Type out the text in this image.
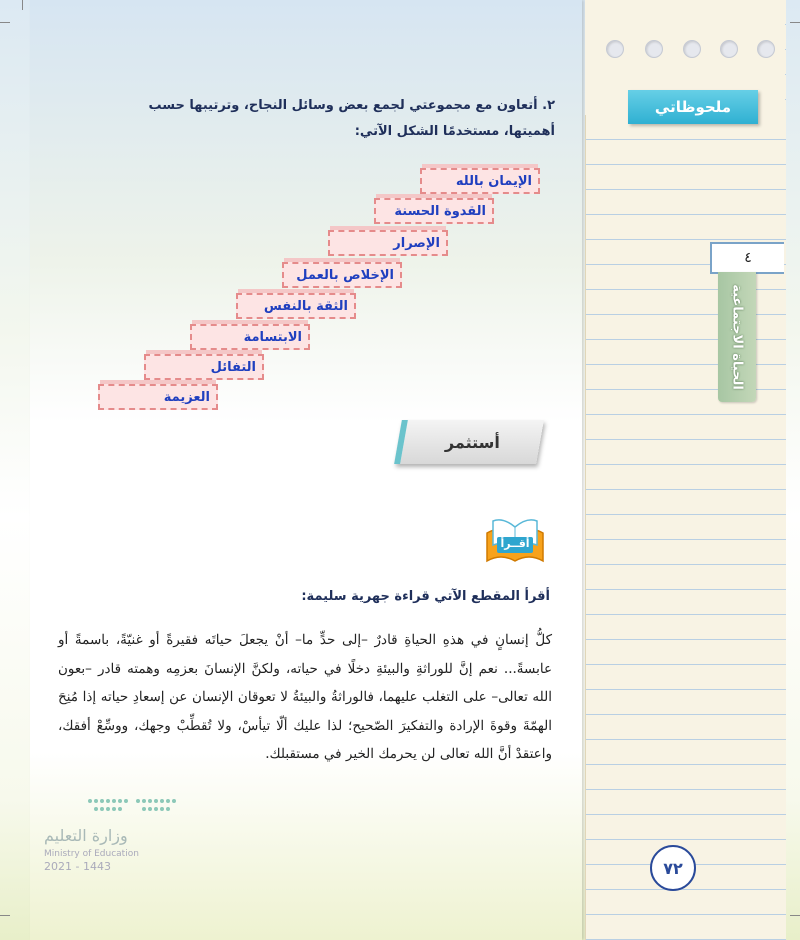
ملحوظاتي
٤
الحياة الاجتماعية
٧٢
٢. أتعاون مع مجموعتي لجمع بعض وسائل النجاح، وترتيبها حسب أهميتها، مستخدمًا الشكل الآتي:
الإيمان بالله
القدوة الحسنة
الإصرار
الإخلاص بالعمل
الثقة بالنفس
الابتسامة
التفائل
العزيمة
أستثمر
أقــرأ
أقرأ المقطع الآتي قراءة جهرية سليمة:
كلُّ إنسانٍ في هذهِ الحياةِ قادرٌ –إلى حدٍّ ما– أنْ يجعلَ حياتَه فقيرةً أو غنيّةً، باسمةً أو عابسةً... نعم إنَّ للوراثةِ والبيئةِ دخلًا في حياته، ولكنَّ الإنسانَ بعزمِه وهمته قادر –بعون الله تعالى– على التغلب عليهما، فالوراثةُ والبيئةُ لا تعوقان الإنسان عن إسعادِ حياته إذا مُنِحَ الهمّةَ وقوةَ الإرادة والتفكيرَ الصّحيح؛ لذا عليك ألّا تيأسْ، ولا تُقطِّبْ وجهك، ووسِّعْ أفقك، واعتقدْ أنَّ الله تعالى لن يحرمك الخير في مستقبلك.
وزارة التعليم
Ministry of Education
2021 - 1443
